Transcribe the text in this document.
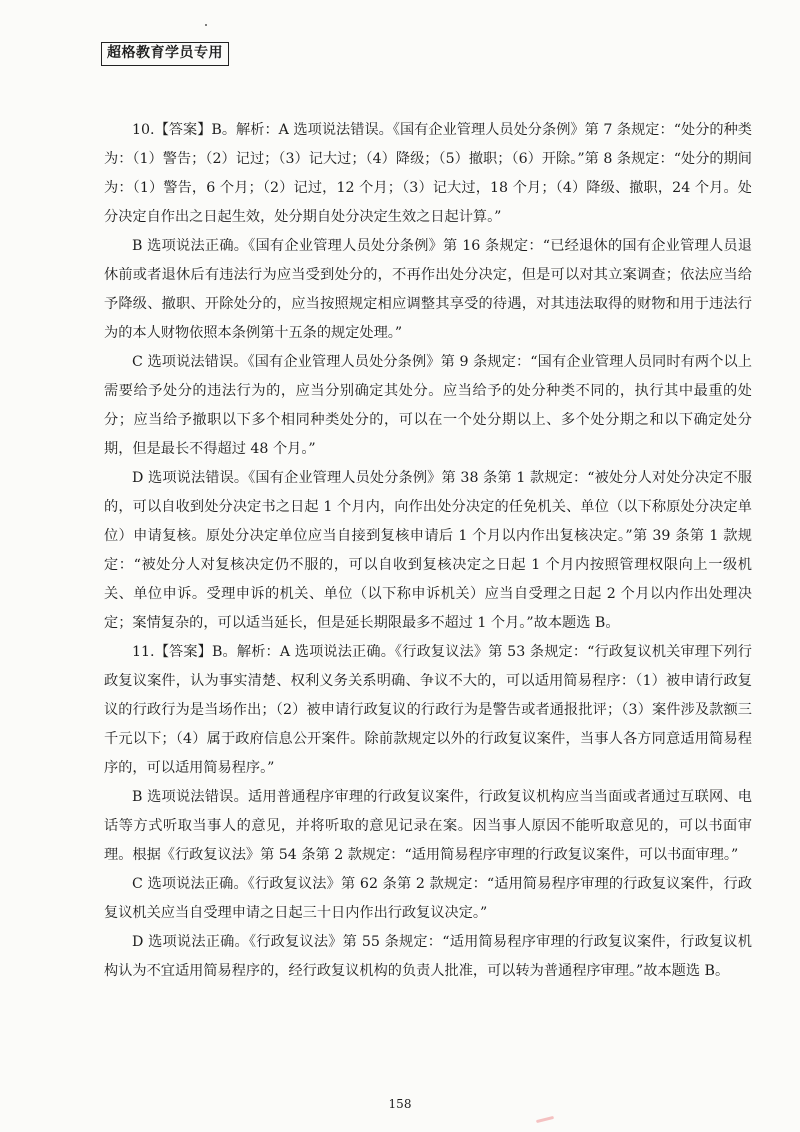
超格教育学员专用

10.【答案】B。解析：A 选项说法错误。《国有企业管理人员处分条例》第 7 条规定：“处分的种类为：（1）警告；（2）记过；（3）记大过；（4）降级；（5）撤职；（6）开除。”第 8 条规定：“处分的期间为：（1）警告，6 个月；（2）记过，12 个月；（3）记大过，18 个月；（4）降级、撤职，24 个月。处分决定自作出之日起生效，处分期自处分决定生效之日起计算。”

B 选项说法正确。《国有企业管理人员处分条例》第 16 条规定：“已经退休的国有企业管理人员退休前或者退休后有违法行为应当受到处分的，不再作出处分决定，但是可以对其立案调查；依法应当给予降级、撤职、开除处分的，应当按照规定相应调整其享受的待遇，对其违法取得的财物和用于违法行为的本人财物依照本条例第十五条的规定处理。”

C 选项说法错误。《国有企业管理人员处分条例》第 9 条规定：“国有企业管理人员同时有两个以上需要给予处分的违法行为的，应当分别确定其处分。应当给予的处分种类不同的，执行其中最重的处分；应当给予撤职以下多个相同种类处分的，可以在一个处分期以上、多个处分期之和以下确定处分期，但是最长不得超过 48 个月。”

D 选项说法错误。《国有企业管理人员处分条例》第 38 条第 1 款规定：“被处分人对处分决定不服的，可以自收到处分决定书之日起 1 个月内，向作出处分决定的任免机关、单位（以下称原处分决定单位）申请复核。原处分决定单位应当自接到复核申请后 1 个月以内作出复核决定。”第 39 条第 1 款规定：“被处分人对复核决定仍不服的，可以自收到复核决定之日起 1 个月内按照管理权限向上一级机关、单位申诉。受理申诉的机关、单位（以下称申诉机关）应当自受理之日起 2 个月以内作出处理决定；案情复杂的，可以适当延长，但是延长期限最多不超过 1 个月。”故本题选 B。

11.【答案】B。解析：A 选项说法正确。《行政复议法》第 53 条规定：“行政复议机关审理下列行政复议案件，认为事实清楚、权利义务关系明确、争议不大的，可以适用简易程序：（1）被申请行政复议的行政行为是当场作出；（2）被申请行政复议的行政行为是警告或者通报批评；（3）案件涉及款额三千元以下；（4）属于政府信息公开案件。除前款规定以外的行政复议案件，当事人各方同意适用简易程序的，可以适用简易程序。”

B 选项说法错误。适用普通程序审理的行政复议案件，行政复议机构应当当面或者通过互联网、电话等方式听取当事人的意见，并将听取的意见记录在案。因当事人原因不能听取意见的，可以书面审理。根据《行政复议法》第 54 条第 2 款规定：“适用简易程序审理的行政复议案件，可以书面审理。”

C 选项说法正确。《行政复议法》第 62 条第 2 款规定：“适用简易程序审理的行政复议案件，行政复议机关应当自受理申请之日起三十日内作出行政复议决定。”

D 选项说法正确。《行政复议法》第 55 条规定：“适用简易程序审理的行政复议案件，行政复议机构认为不宜适用简易程序的，经行政复议机构的负责人批准，可以转为普通程序审理。”故本题选 B。

158
